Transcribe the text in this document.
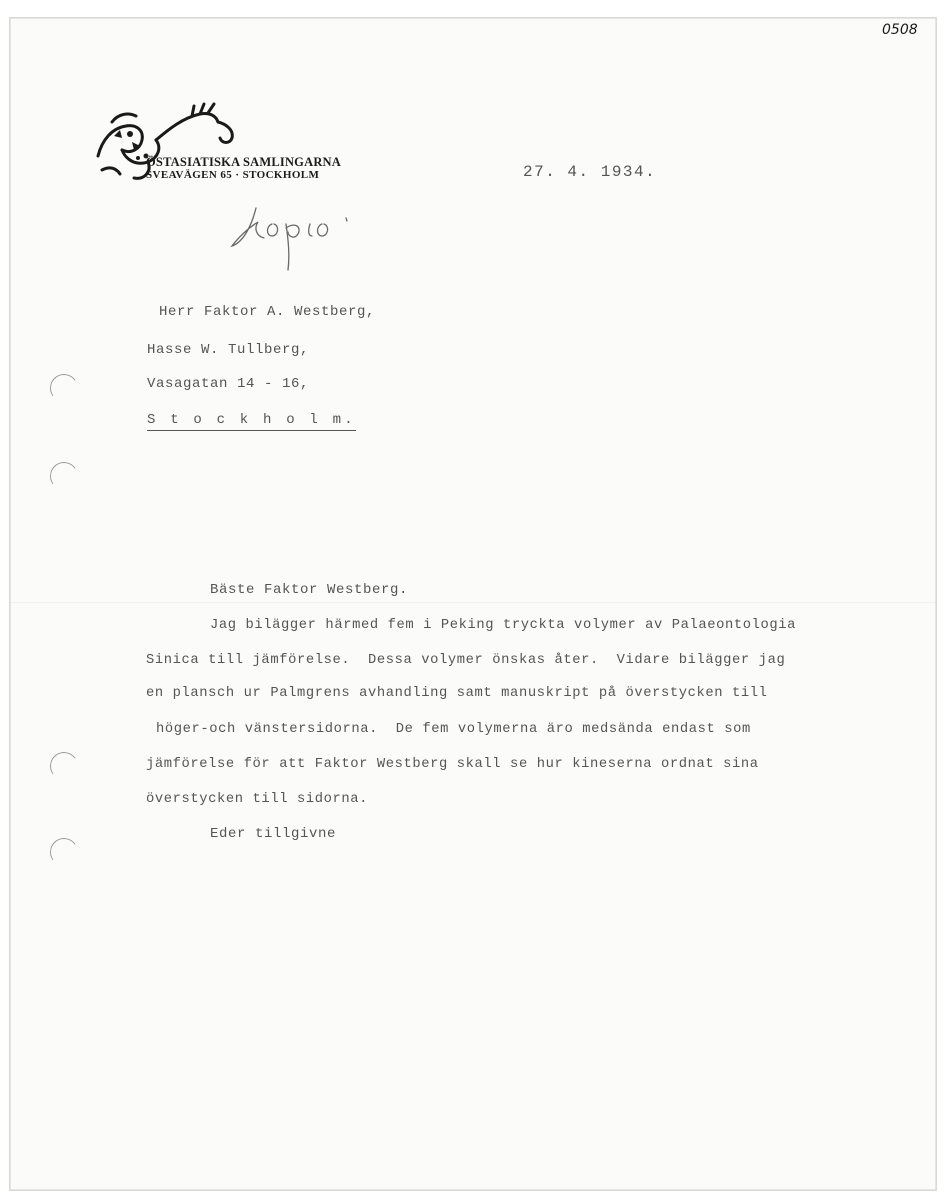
0508
ÖSTASIATISKA SAMLINGARNA
SVEAVÄGEN 65 · STOCKHOLM	27. 4. 1934.
Herr Faktor A. Westberg,
Hasse W. Tullberg,
Vasagatan 14 - 16,
S t o c k h o l m.
Bäste Faktor Westberg.
Jag bilägger härmed fem i Peking tryckta volymer av Palaeontologia
Sinica till jämförelse.  Dessa volymer önskas åter.  Vidare bilägger jag
en plansch ur Palmgrens avhandling samt manuskript på överstycken till
höger-och vänstersidorna.  De fem volymerna äro medsända endast som
jämförelse för att Faktor Westberg skall se hur kineserna ordnat sina
överstycken till sidorna.
Eder tillgivne
